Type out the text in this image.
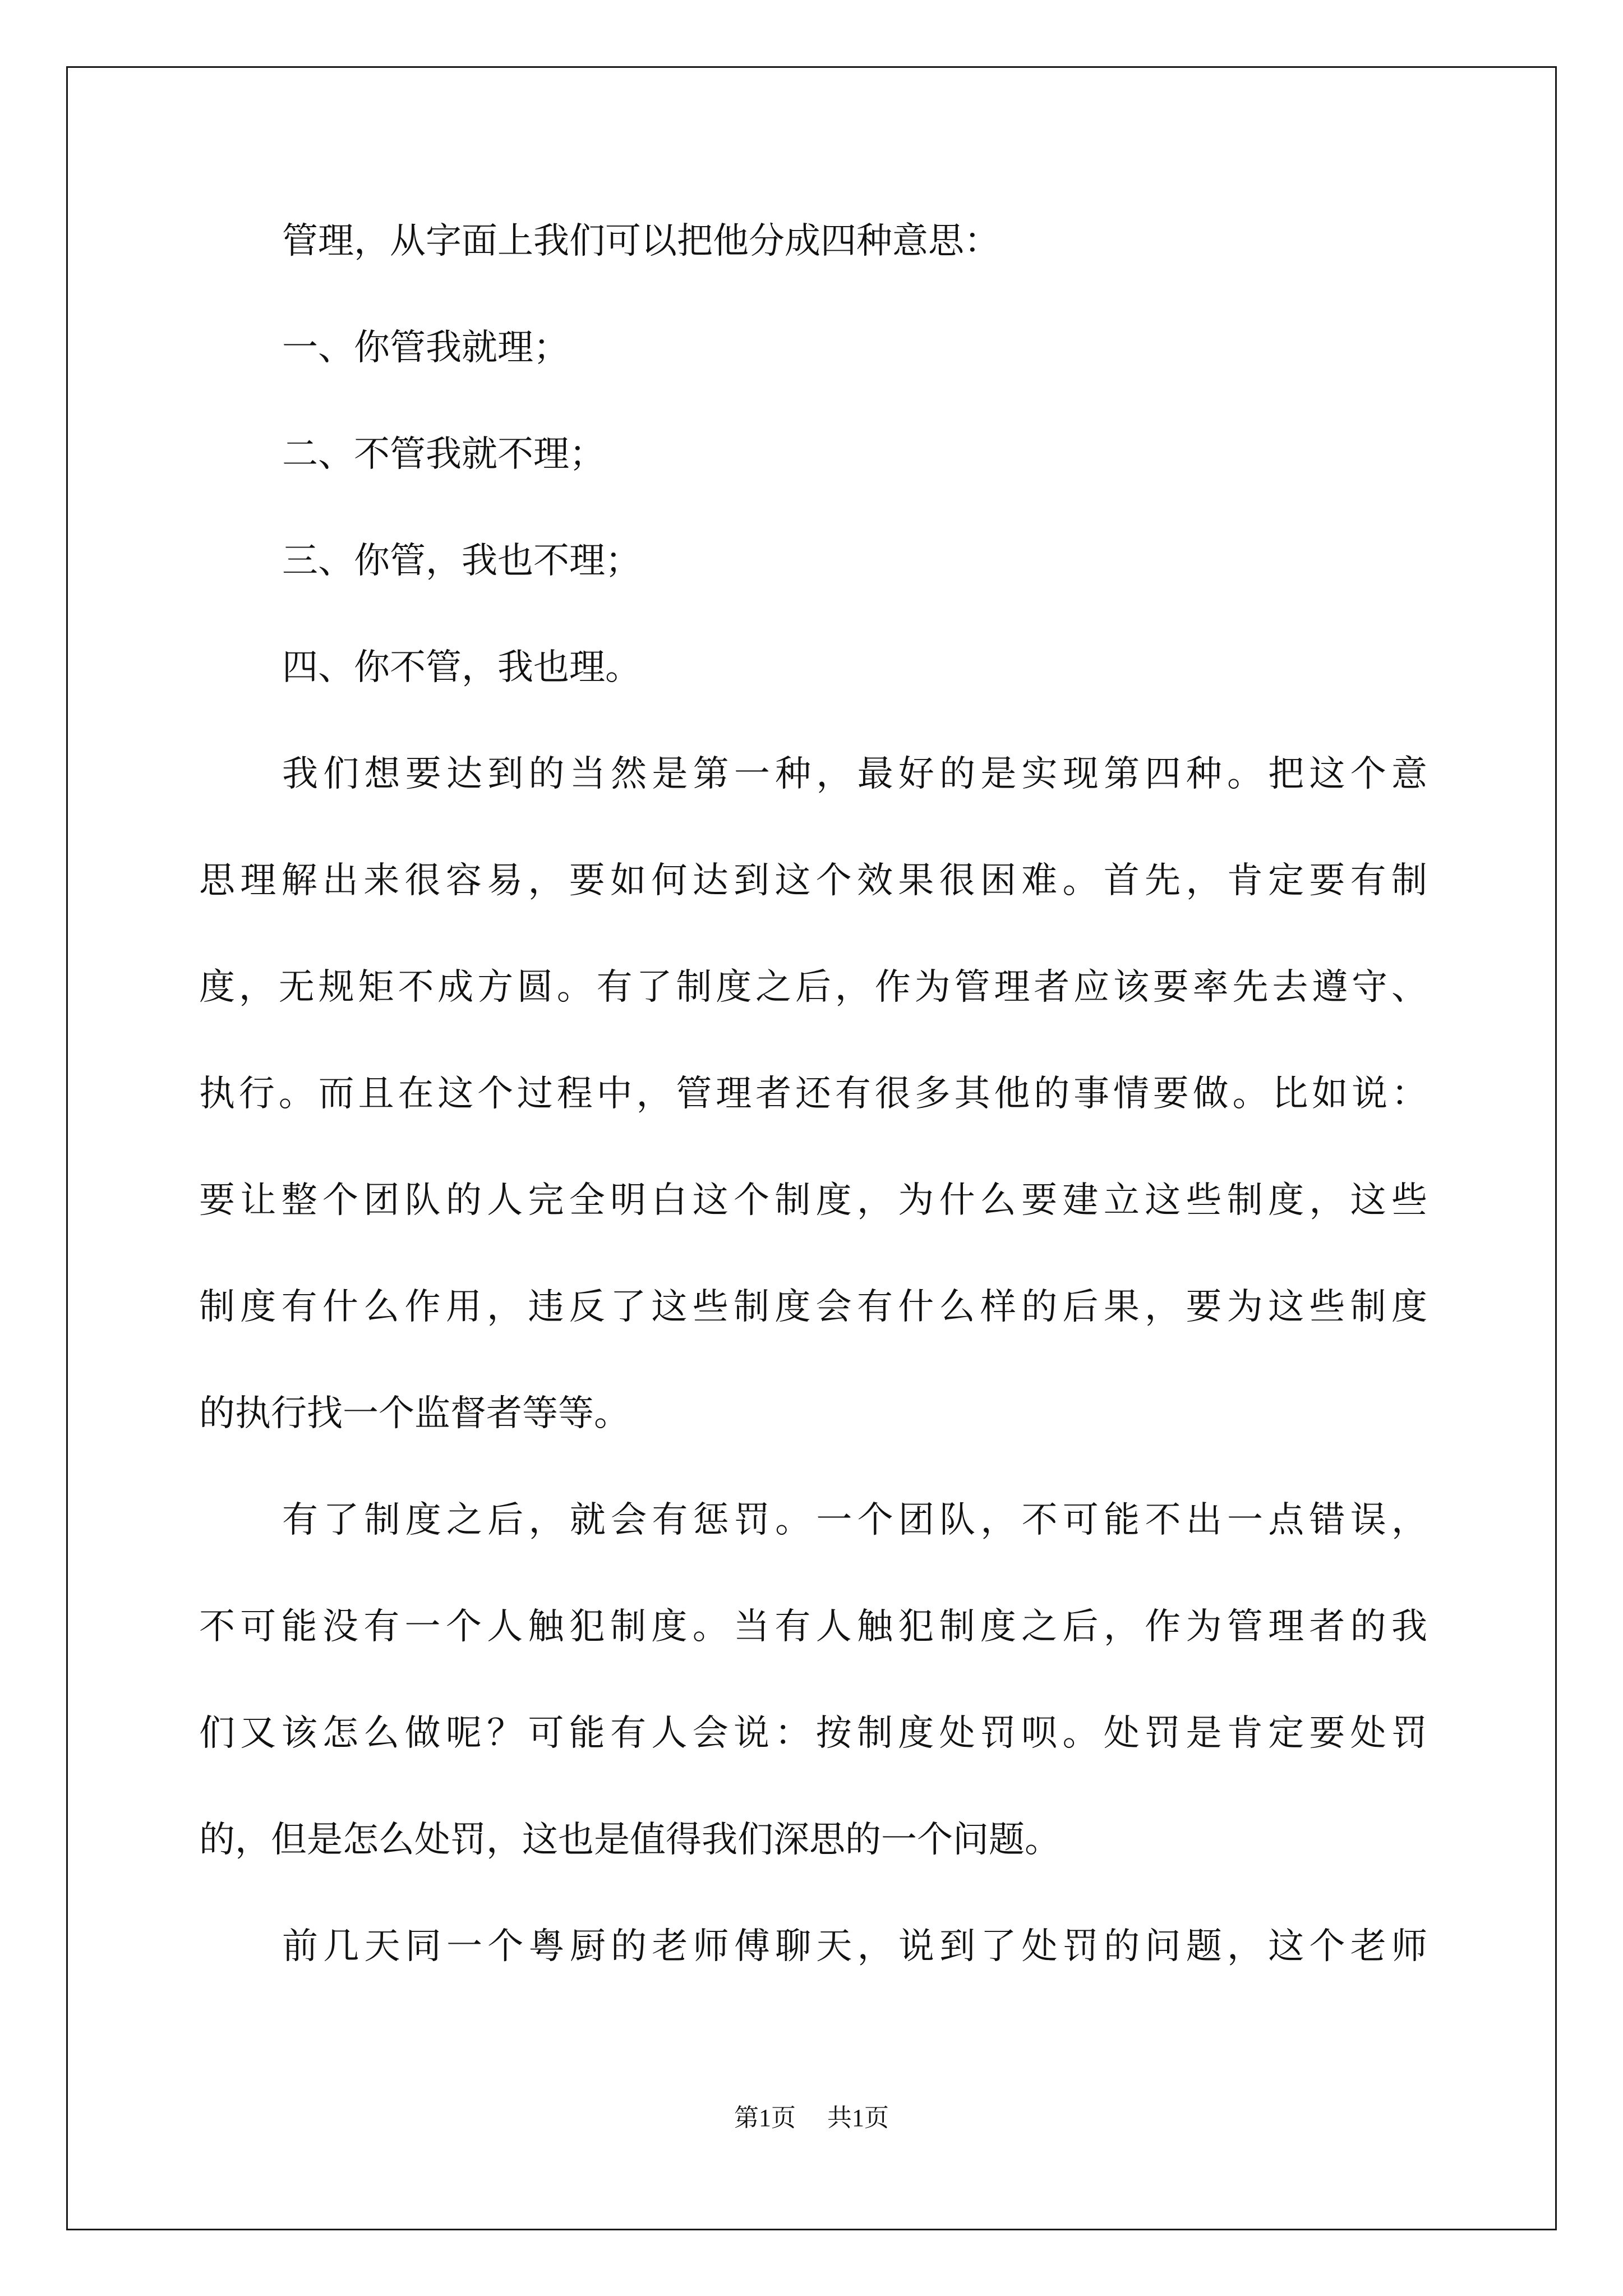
管理，从字面上我们可以把他分成四种意思：
一、你管我就理；
二、不管我就不理；
三、你管，我也不理；
四、你不管，我也理。
我们想要达到的当然是第一种，最好的是实现第四种。把这个意
思理解出来很容易，要如何达到这个效果很困难。首先，肯定要有制
度，无规矩不成方圆。有了制度之后，作为管理者应该要率先去遵守、
执行。而且在这个过程中，管理者还有很多其他的事情要做。比如说：
要让整个团队的人完全明白这个制度，为什么要建立这些制度，这些
制度有什么作用，违反了这些制度会有什么样的后果，要为这些制度
的执行找一个监督者等等。
有了制度之后，就会有惩罚。一个团队，不可能不出一点错误，
不可能没有一个人触犯制度。当有人触犯制度之后，作为管理者的我
们又该怎么做呢？可能有人会说：按制度处罚呗。处罚是肯定要处罚
的，但是怎么处罚，这也是值得我们深思的一个问题。
前几天同一个粤厨的老师傅聊天，说到了处罚的问题，这个老师
第1页 共1页
